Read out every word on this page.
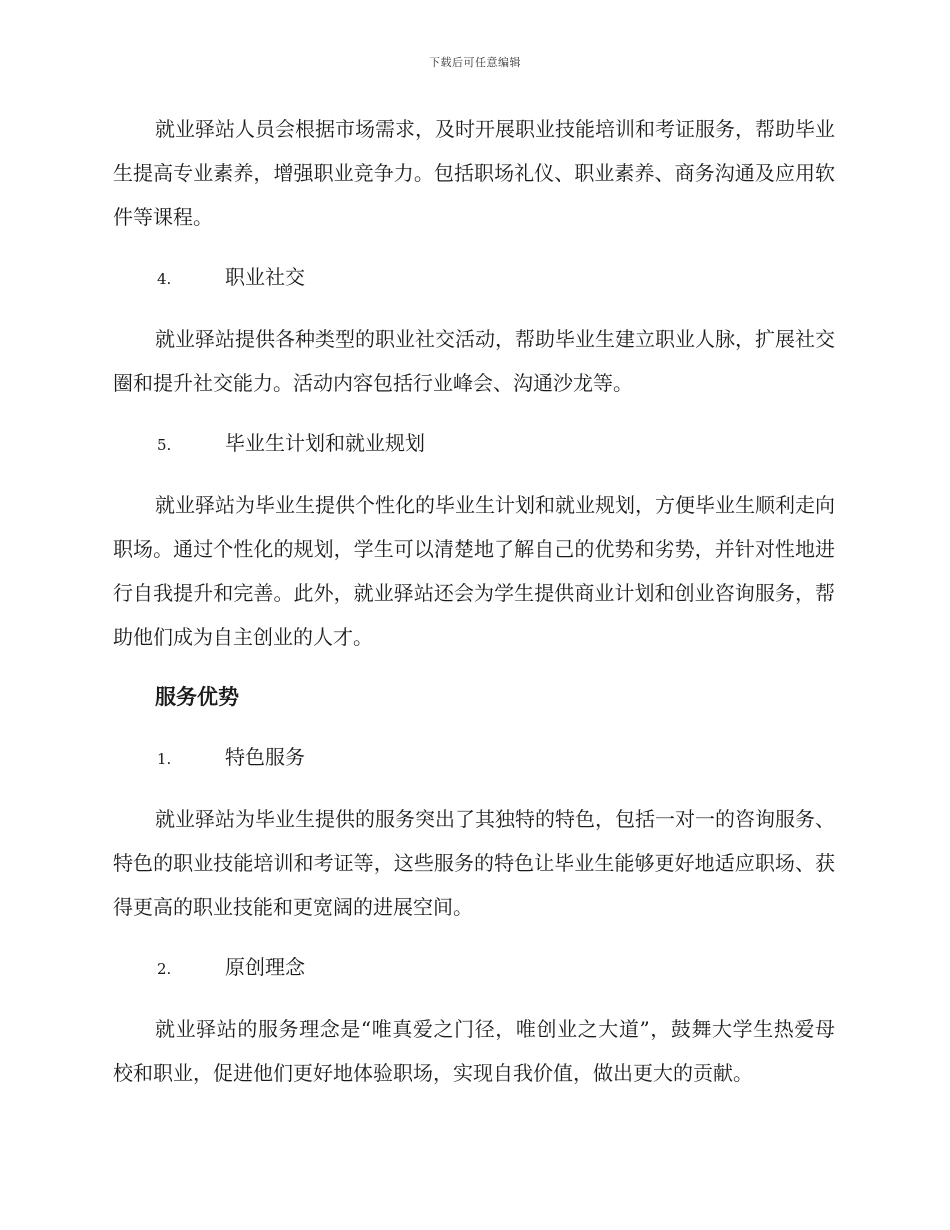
下载后可任意编辑

就业驿站人员会根据市场需求，及时开展职业技能培训和考证服务，帮助毕业生提高专业素养，增强职业竞争力。包括职场礼仪、职业素养、商务沟通及应用软件等课程。

4.	职业社交

就业驿站提供各种类型的职业社交活动，帮助毕业生建立职业人脉，扩展社交圈和提升社交能力。活动内容包括行业峰会、沟通沙龙等。

5.	毕业生计划和就业规划

就业驿站为毕业生提供个性化的毕业生计划和就业规划，方便毕业生顺利走向职场。通过个性化的规划，学生可以清楚地了解自己的优势和劣势，并针对性地进行自我提升和完善。此外，就业驿站还会为学生提供商业计划和创业咨询服务，帮助他们成为自主创业的人才。

服务优势
1.	特色服务

就业驿站为毕业生提供的服务突出了其独特的特色，包括一对一的咨询服务、特色的职业技能培训和考证等，这些服务的特色让毕业生能够更好地适应职场、获得更高的职业技能和更宽阔的进展空间。

2.	原创理念

就业驿站的服务理念是“唯真爱之门径，唯创业之大道”，鼓舞大学生热爱母校和职业，促进他们更好地体验职场，实现自我价值，做出更大的贡献。
